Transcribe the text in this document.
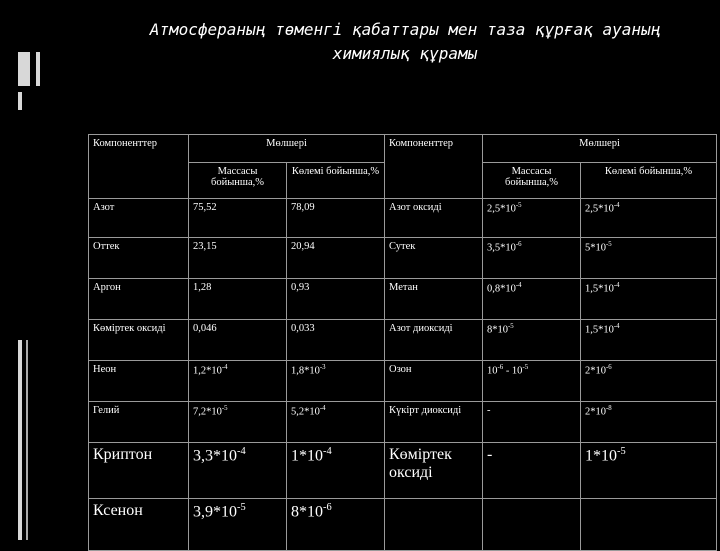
Атмосфераның төменгі қабаттары мен таза құрғақ ауаның
химиялық құрамы
Компоненттер	Мөлшері		Компоненттер	Мөлшері	
	Массасы бойынша,%	Көлемі бойынша,%		Массасы бойынша,%	Көлемі бойынша,%
Азот	75,52	78,09	Азот оксиді	$2,5*10^{-5}$	$2,5*10^{-4}$
Оттек	23,15	20,94	Сутек	$3,5*10^{-6}$	$5*10^{-5}$
Аргон	1,28	0,93	Метан	$0,8*10^{-4}$	$1,5*10^{-4}$
Көміртек оксиді	0,046	0,033	Азот диоксиді	$8*10^{-5}$	$1,5*10^{-4}$
Неон	$1,2*10^{-4}$	$1,8*10^{-3}$	Озон	$10^{-6} - 10^{-5}$	$2*10^{-6}$
Гелий	$7,2*10^{-5}$	$5,2*10^{-4}$	Күкірт диоксиді	-	$2*10^{-8}$
Криптон	$3,3*10^{-4}$	$1*10^{-4}$	Көміртек оксиді	-	$1*10^{-5}$
Ксенон	$3,9*10^{-5}$	$8*10^{-6}$			
